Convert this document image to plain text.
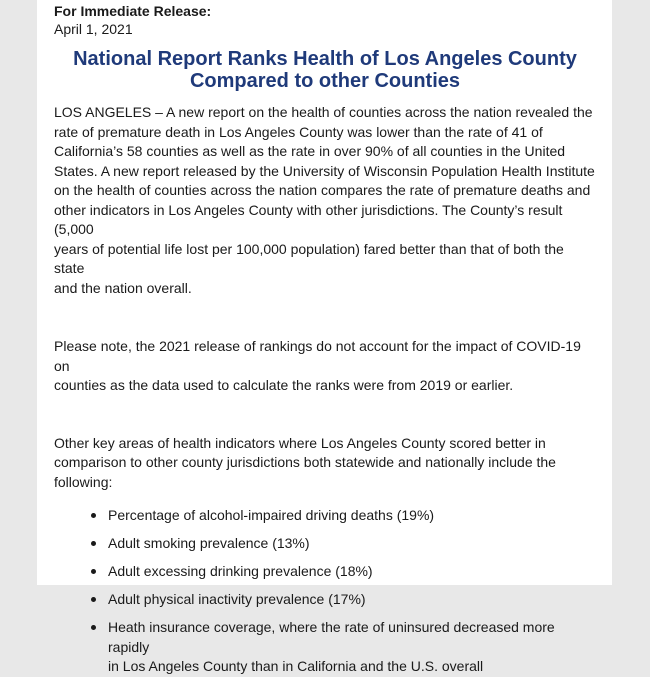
For Immediate Release:
April 1, 2021
National Report Ranks Health of Los Angeles County
Compared to other Counties
LOS ANGELES – A new report on the health of counties across the nation revealed the
rate of premature death in Los Angeles County was lower than the rate of 41 of
California’s 58 counties as well as the rate in over 90% of all counties in the United
States. A new report released by the University of Wisconsin Population Health Institute
on the health of counties across the nation compares the rate of premature deaths and
other indicators in Los Angeles County with other jurisdictions. The County’s result (5,000
years of potential life lost per 100,000 population) fared better than that of both the state
and the nation overall.
Please note, the 2021 release of rankings do not account for the impact of COVID-19 on
counties as the data used to calculate the ranks were from 2019 or earlier.
Other key areas of health indicators where Los Angeles County scored better in
comparison to other county jurisdictions both statewide and nationally include the
following:
Percentage of alcohol-impaired driving deaths (19%)
Adult smoking prevalence (13%)
Adult excessing drinking prevalence (18%)
Adult physical inactivity prevalence (17%)
Heath insurance coverage, where the rate of uninsured decreased more rapidly
in Los Angeles County than in California and the U.S. overall
